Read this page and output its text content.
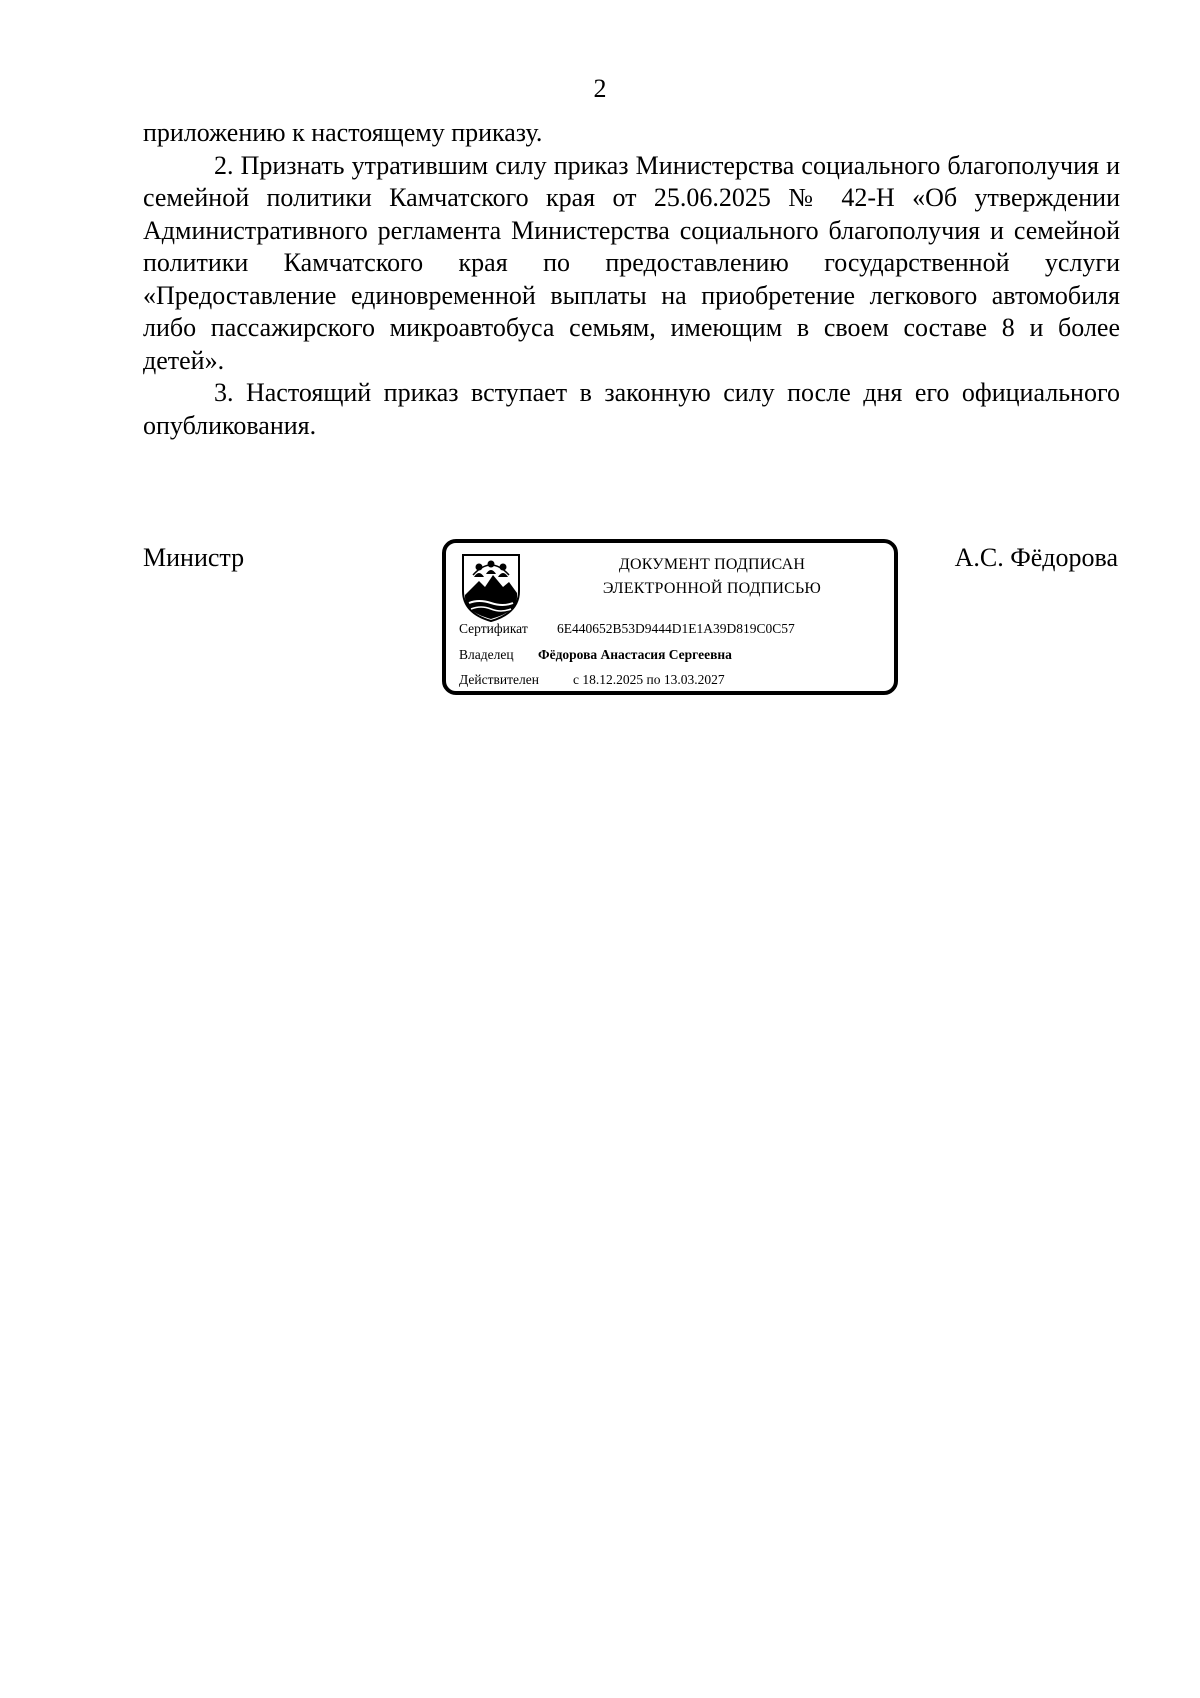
2

приложению к настоящему приказу.

2. Признать утратившим силу приказ Министерства социального благополучия и семейной политики Камчатского края от 25.06.2025 № 42-Н «Об утверждении Административного регламента Министерства социального благополучия и семейной политики Камчатского края по предоставлению государственной услуги «Предоставление единовременной выплаты на приобретение легкового автомобиля либо пассажирского микроавтобуса семьям, имеющим в своем составе 8 и более детей».

3. Настоящий приказ вступает в законную силу после дня его официального опубликования.

Министр	ДОКУМЕНТ ПОДПИСАН
ЭЛЕКТРОННОЙ ПОДПИСЬЮ
Сертификат 6E440652B53D9444D1E1A39D819C0C57
Владелец Фёдорова Анастасия Сергеевна
Действителен	с 18.12.2025 по 13.03.2027
А.С. Фёдорова
